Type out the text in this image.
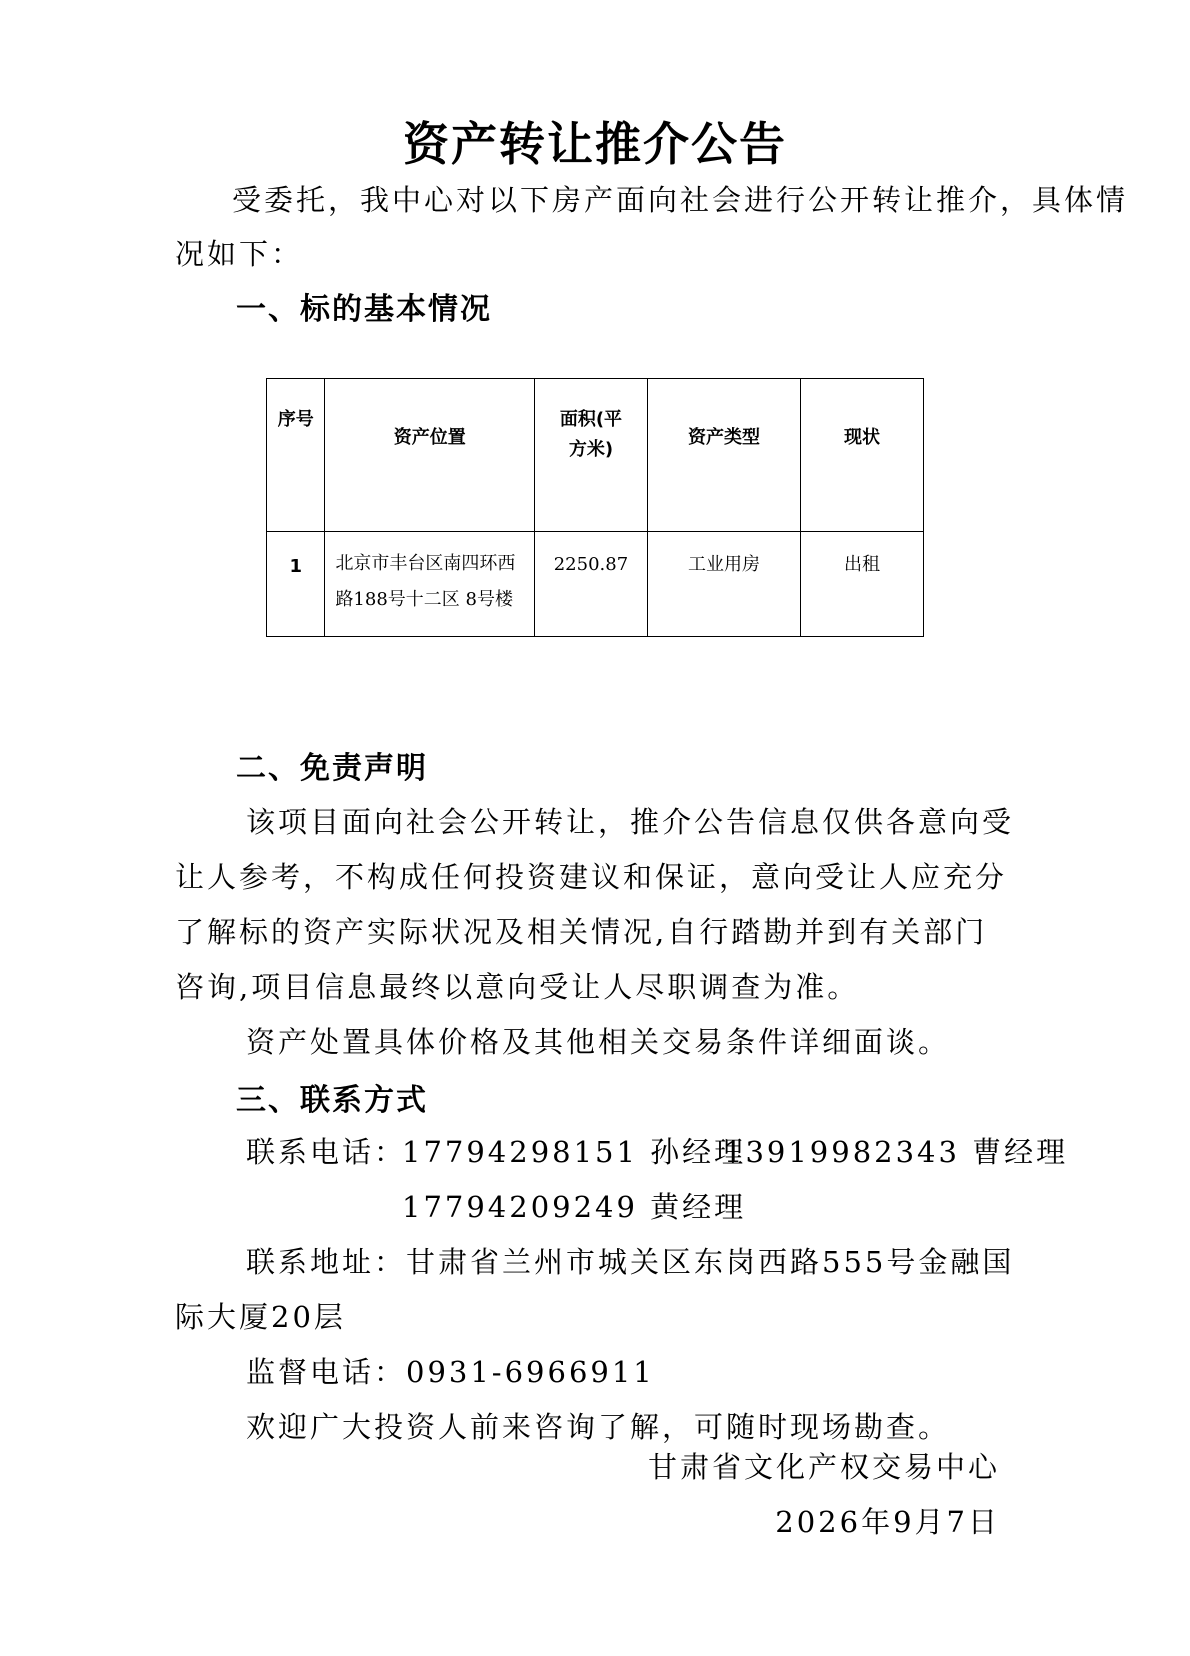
资产转让推介公告
受委托，我中心对以下房产面向社会进行公开转让推介，具体情
况如下：
一、标的基本情况
序号	资产位置	面积(平
方米)	资产类型	现状

1	北京市丰台区南四环西
路188号十二区 8号楼	2250.87	工业用房	出租
二、免责声明
该项目面向社会公开转让，推介公告信息仅供各意向受
让人参考，不构成任何投资建议和保证，意向受让人应充分
了解标的资产实际状况及相关情况,自行踏勘并到有关部门
咨询,项目信息最终以意向受让人尽职调查为准。
资产处置具体价格及其他相关交易条件详细面谈。
三、联系方式
联系电话：
17794298151 孙经理
13919982343 曹经理
17794209249 黄经理
联系地址：甘肃省兰州市城关区东岗西路555号金融国
际大厦20层
监督电话：0931-6966911
欢迎广大投资人前来咨询了解，可随时现场勘查。
甘肃省文化产权交易中心
2026年9月7日
